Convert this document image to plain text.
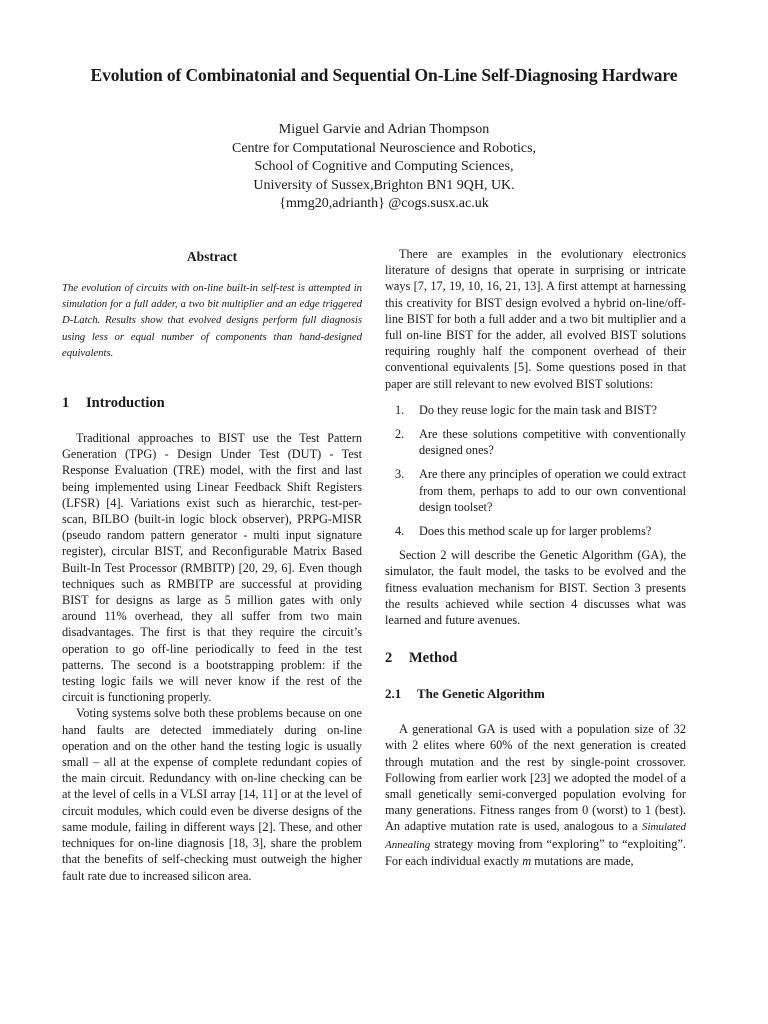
Evolution of Combinatonial and Sequential On-Line Self-Diagnosing Hardware
Miguel Garvie and Adrian Thompson
Centre for Computational Neuroscience and Robotics,
School of Cognitive and Computing Sciences,
University of Sussex,Brighton BN1 9QH, UK.
{mmg20,adrianth} @cogs.susx.ac.uk
Abstract

The evolution of circuits with on-line built-in self-test is attempted in simulation for a full adder, a two bit multiplier and an edge triggered D-Latch. Results show that evolved designs perform full diagnosis using less or equal number of components than hand-designed equivalents.

1 Introduction

Traditional approaches to BIST use the Test Pattern Generation (TPG) - Design Under Test (DUT) - Test Response Evaluation (TRE) model, with the first and last being implemented using Linear Feedback Shift Registers (LFSR) [4]. Variations exist such as hierarchic, test-per-scan, BILBO (built-in logic block observer), PRPG-MISR (pseudo random pattern generator - multi input signature register), circular BIST, and Reconfigurable Matrix Based Built-In Test Processor (RMBITP) [20, 29, 6]. Even though techniques such as RMBITP are successful at providing BIST for designs as large as 5 million gates with only around 11% overhead, they all suffer from two main disadvantages. The first is that they require the circuit’s operation to go off-line periodically to feed in the test patterns. The second is a bootstrapping problem: if the testing logic fails we will never know if the rest of the circuit is functioning properly.

Voting systems solve both these problems because on one hand faults are detected immediately during on-line operation and on the other hand the testing logic is usually small – all at the expense of complete redundant copies of the main circuit. Redundancy with on-line checking can be at the level of cells in a VLSI array [14, 11] or at the level of circuit modules, which could even be diverse designs of the same module, failing in different ways [2]. These, and other techniques for on-line diagnosis [18, 3], share the problem that the benefits of self-checking must outweigh the higher fault rate due to increased silicon area.

There are examples in the evolutionary electronics literature of designs that operate in surprising or intricate ways [7, 17, 19, 10, 16, 21, 13]. A first attempt at harnessing this creativity for BIST design evolved a hybrid on-line/off-line BIST for both a full adder and a two bit multiplier and a full on-line BIST for the adder, all evolved BIST solutions requiring roughly half the component overhead of their conventional equivalents [5]. Some questions posed in that paper are still relevant to new evolved BIST solutions:

1.	Do they reuse logic for the main task and BIST?
2.	Are these solutions competitive with conventionally designed ones?
3.	Are there any principles of operation we could extract from them, perhaps to add to our own conventional design toolset?
4.	Does this method scale up for larger problems?

Section 2 will describe the Genetic Algorithm (GA), the simulator, the fault model, the tasks to be evolved and the fitness evaluation mechanism for BIST. Section 3 presents the results achieved while section 4 discusses what was learned and future avenues.

2 Method
2.1 The Genetic Algorithm

A generational GA is used with a population size of 32 with 2 elites where 60% of the next generation is created through mutation and the rest by single-point crossover. Following from earlier work [23] we adopted the model of a small genetically semi-converged population evolving for many generations. Fitness ranges from 0 (worst) to 1 (best). An adaptive mutation rate is used, analogous to a Simulated Annealing strategy moving from “exploring” to “exploiting”. For each individual exactly m mutations are made,
